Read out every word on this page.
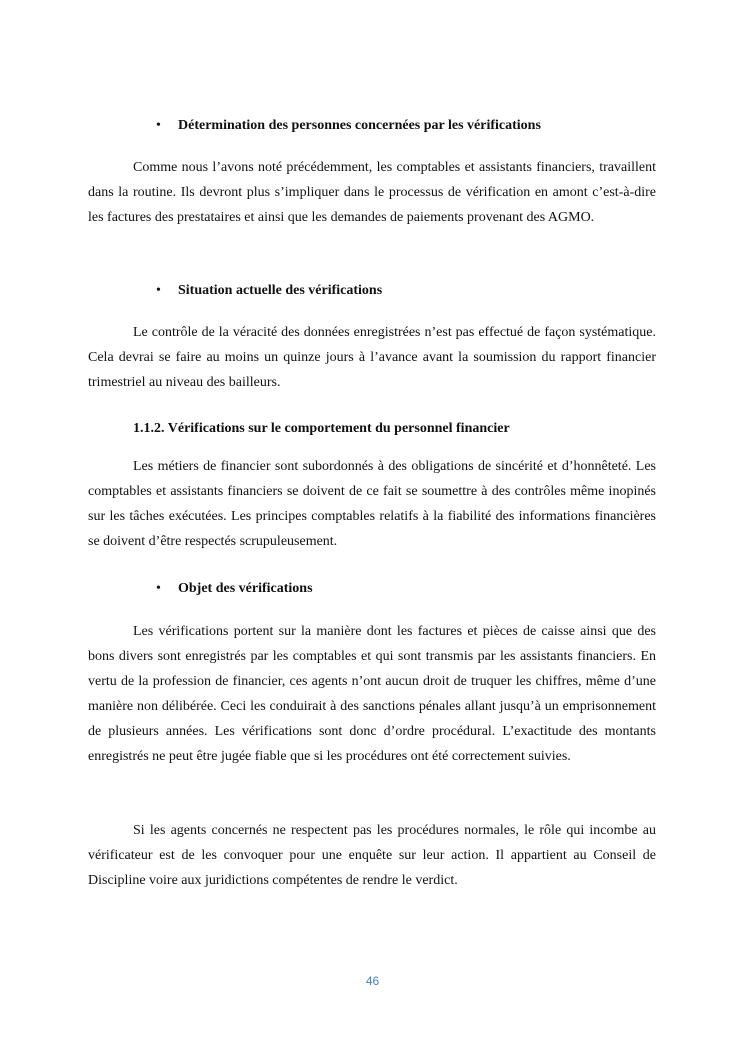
• Détermination des personnes concernées par les vérifications

Comme nous l’avons noté précédemment, les comptables et assistants financiers, travaillent dans la routine. Ils devront plus s’impliquer dans le processus de vérification en amont c’est-à-dire les factures des prestataires et ainsi que les demandes de paiements provenant des AGMO.

• Situation actuelle des vérifications

Le contrôle de la véracité des données enregistrées n’est pas effectué de façon systématique. Cela devrai se faire au moins un quinze jours à l’avance avant la soumission du rapport financier trimestriel au niveau des bailleurs.

1.1.2. Vérifications sur le comportement du personnel financier

Les métiers de financier sont subordonnés à des obligations de sincérité et d’honnêteté. Les comptables et assistants financiers se doivent de ce fait se soumettre à des contrôles même inopinés sur les tâches exécutées. Les principes comptables relatifs à la fiabilité des informations financières se doivent d’être respectés scrupuleusement.

• Objet des vérifications

Les vérifications portent sur la manière dont les factures et pièces de caisse ainsi que des bons divers sont enregistrés par les comptables et qui sont transmis par les assistants financiers. En vertu de la profession de financier, ces agents n’ont aucun droit de truquer les chiffres, même d’une manière non délibérée. Ceci les conduirait à des sanctions pénales allant jusqu’à un emprisonnement de plusieurs années. Les vérifications sont donc d’ordre procédural. L’exactitude des montants enregistrés ne peut être jugée fiable que si les procédures ont été correctement suivies.

Si les agents concernés ne respectent pas les procédures normales, le rôle qui incombe au vérificateur est de les convoquer pour une enquête sur leur action. Il appartient au Conseil de Discipline voire aux juridictions compétentes de rendre le verdict.

46
